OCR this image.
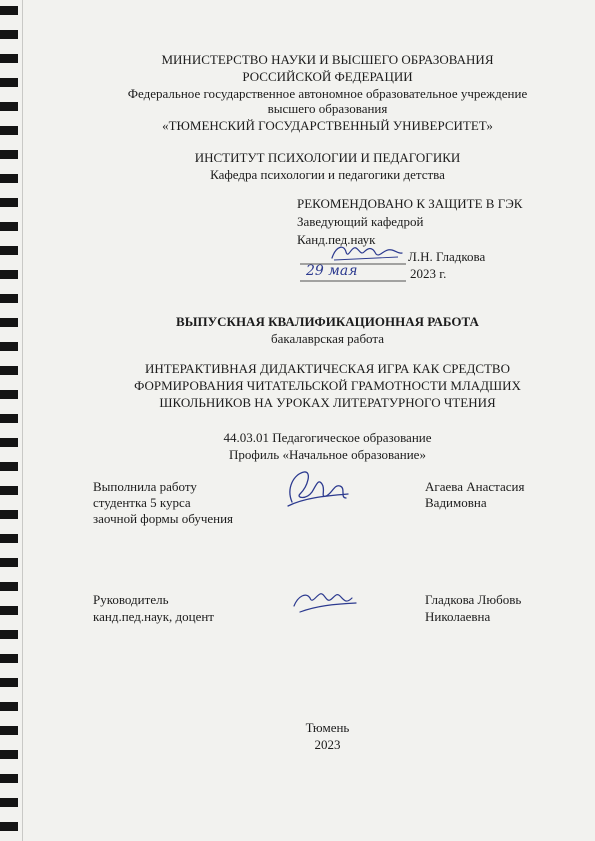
МИНИСТЕРСТВО НАУКИ И ВЫСШЕГО ОБРАЗОВАНИЯ
РОССИЙСКОЙ ФЕДЕРАЦИИ
Федеральное государственное автономное образовательное учреждение
высшего образования
«ТЮМЕНСКИЙ ГОСУДАРСТВЕННЫЙ УНИВЕРСИТЕТ»
ИНСТИТУТ ПСИХОЛОГИИ И ПЕДАГОГИКИ
Кафедра психологии и педагогики детства
РЕКОМЕНДОВАНО К ЗАЩИТЕ В ГЭК
Заведующий кафедрой
Канд.пед.наук
Л.Н. Гладкова
29 мая	2023 г.
ВЫПУСКНАЯ КВАЛИФИКАЦИОННАЯ РАБОТА
бакалаврская работа
ИНТЕРАКТИВНАЯ ДИДАКТИЧЕСКАЯ ИГРА КАК СРЕДСТВО
ФОРМИРОВАНИЯ ЧИТАТЕЛЬСКОЙ ГРАМОТНОСТИ МЛАДШИХ
ШКОЛЬНИКОВ НА УРОКАХ ЛИТЕРАТУРНОГО ЧТЕНИЯ
44.03.01 Педагогическое образование
Профиль «Начальное образование»
Выполнила работу
студентка 5 курса
заочной формы обучения
Агаева Анастасия
Вадимовна
Руководитель
канд.пед.наук, доцент
Гладкова Любовь
Николаевна
Тюмень
2023
